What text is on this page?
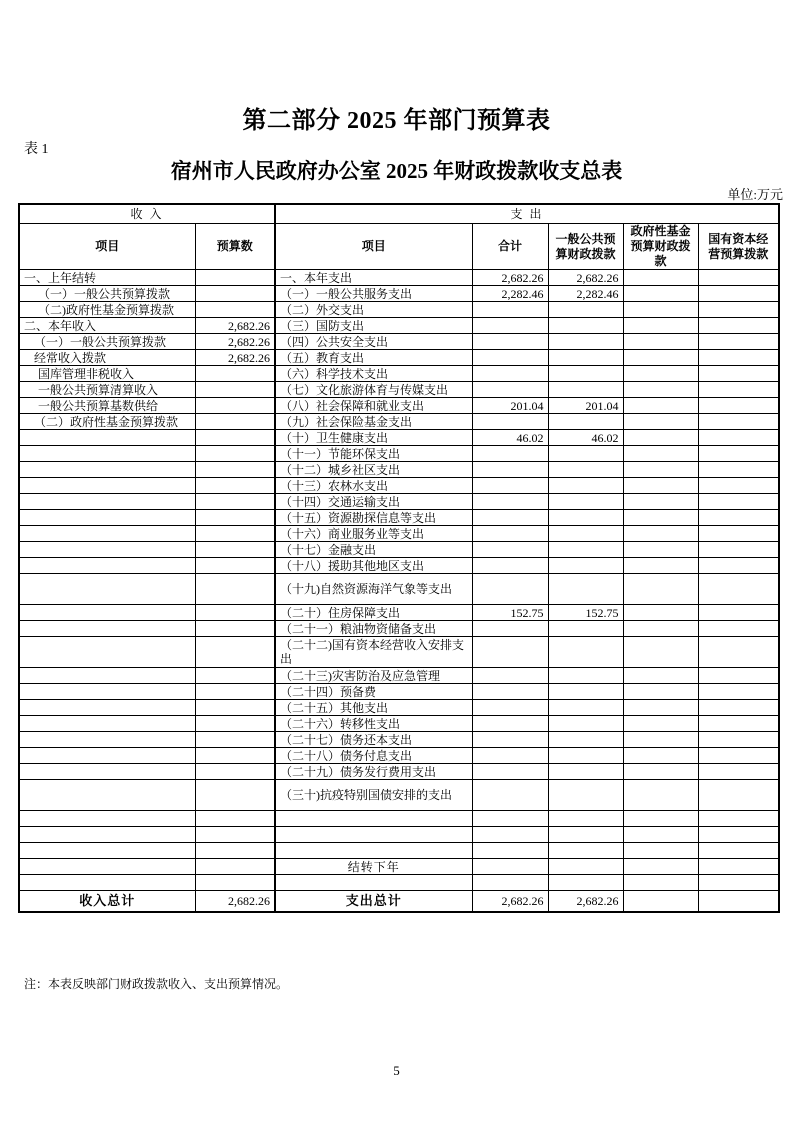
第二部分 2025 年部门预算表
表 1
宿州市人民政府办公室 2025 年财政拨款收支总表
单位:万元
收 入		支 出				
项目	预算数	项目	合计	一般公共预算财政拨款	政府性基金预算财政拨款	国有资本经营预算拨款
一、上年结转		一、本年支出	2,682.26	2,682.26		
（一）一般公共预算拨款		（一）一般公共服务支出	2,282.46	2,282.46		
（二)政府性基金预算拨款		（二）外交支出				
二、本年收入	2,682.26	（三）国防支出				
（一）一般公共预算拨款	2,682.26	（四）公共安全支出				
经常收入拨款	2,682.26	（五）教育支出				
国库管理非税收入		（六）科学技术支出				
一般公共预算清算收入		（七）文化旅游体育与传媒支出				
一般公共预算基数供给		（八）社会保障和就业支出	201.04	201.04		
（二）政府性基金预算拨款		（九）社会保险基金支出				
		（十）卫生健康支出	46.02	46.02		
		（十一）节能环保支出				
		（十二）城乡社区支出				
		（十三）农林水支出				
		（十四）交通运输支出				
		（十五）资源勘探信息等支出				
		（十六）商业服务业等支出				
		（十七）金融支出				
		（十八）援助其他地区支出				
		（十九)自然资源海洋气象等支出				
		（二十）住房保障支出	152.75	152.75		
		（二十一）粮油物资储备支出				
		（二十二)国有资本经营收入安排支出				
		（二十三)灾害防治及应急管理				
		（二十四）预备费				
		（二十五）其他支出				
		（二十六）转移性支出				
		（二十七）债务还本支出				
		（二十八）债务付息支出				
		（二十九）债务发行费用支出				
		（三十)抗疫特别国债安排的支出				

		结转下年				

收入总计	2,682.26	支出总计	2,682.26	2,682.26		
注：本表反映部门财政拨款收入、支出预算情况。
5
